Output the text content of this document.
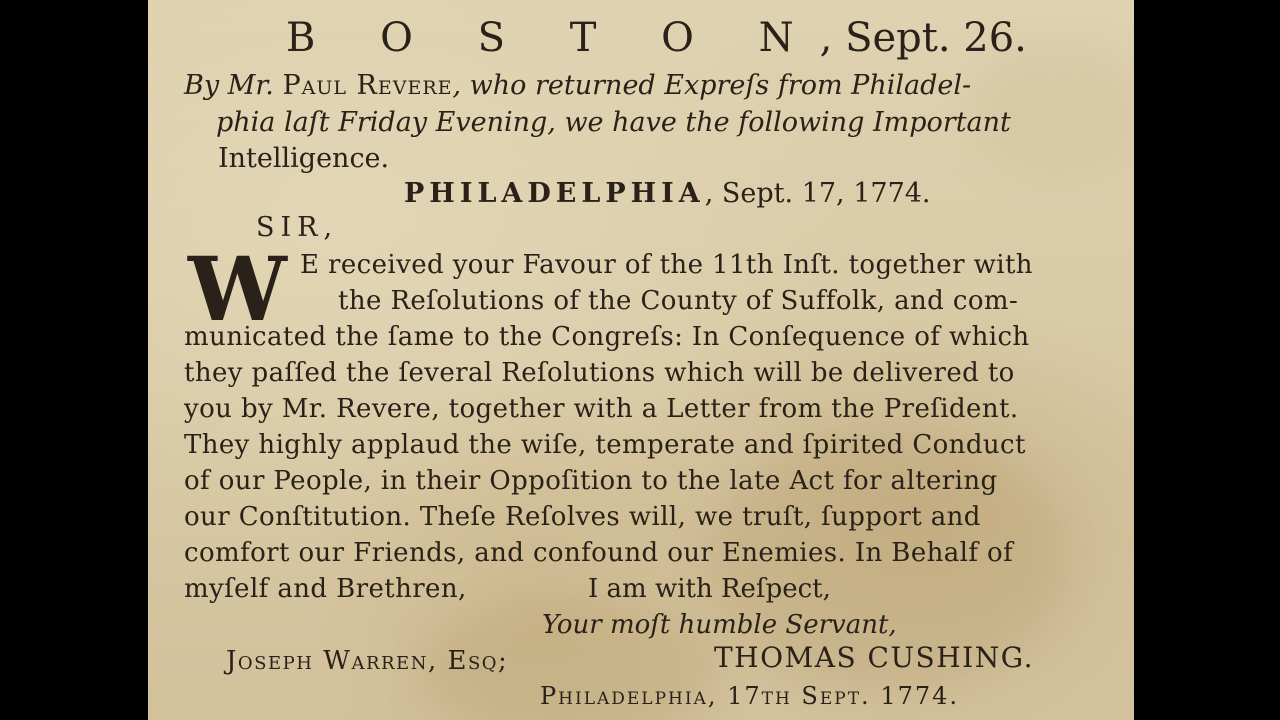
B O S T O N, Sept. 26.
By Mr. Paul Revere, who returned Expreſs from Philadel-
phia laſt Friday Evening, we have the following Important
Intelligence.
PHILADELPHIA, Sept. 17, 1774.
SIR,
W E received your Favour of the 11th Inſt. together with
the Reſolutions of the County of Suffolk, and com-
municated the ſame to the Congreſs: In Conſequence of which
they paſſed the ſeveral Reſolutions which will be delivered to
you by Mr. Revere, together with a Letter from the Preſident.
They highly applaud the wiſe, temperate and ſpirited Conduct
of our People, in their Oppoſition to the late Act for altering
our Conſtitution. Theſe Reſolves will, we truſt, ſupport and
comfort our Friends, and confound our Enemies. In Behalf of
myſelf and Brethren,	I am with Reſpect,
Your moſt humble Servant,
Joseph Warren, Eſq;	THOMAS CUSHING.
Philadelphia, 17th Sept. 1774.
